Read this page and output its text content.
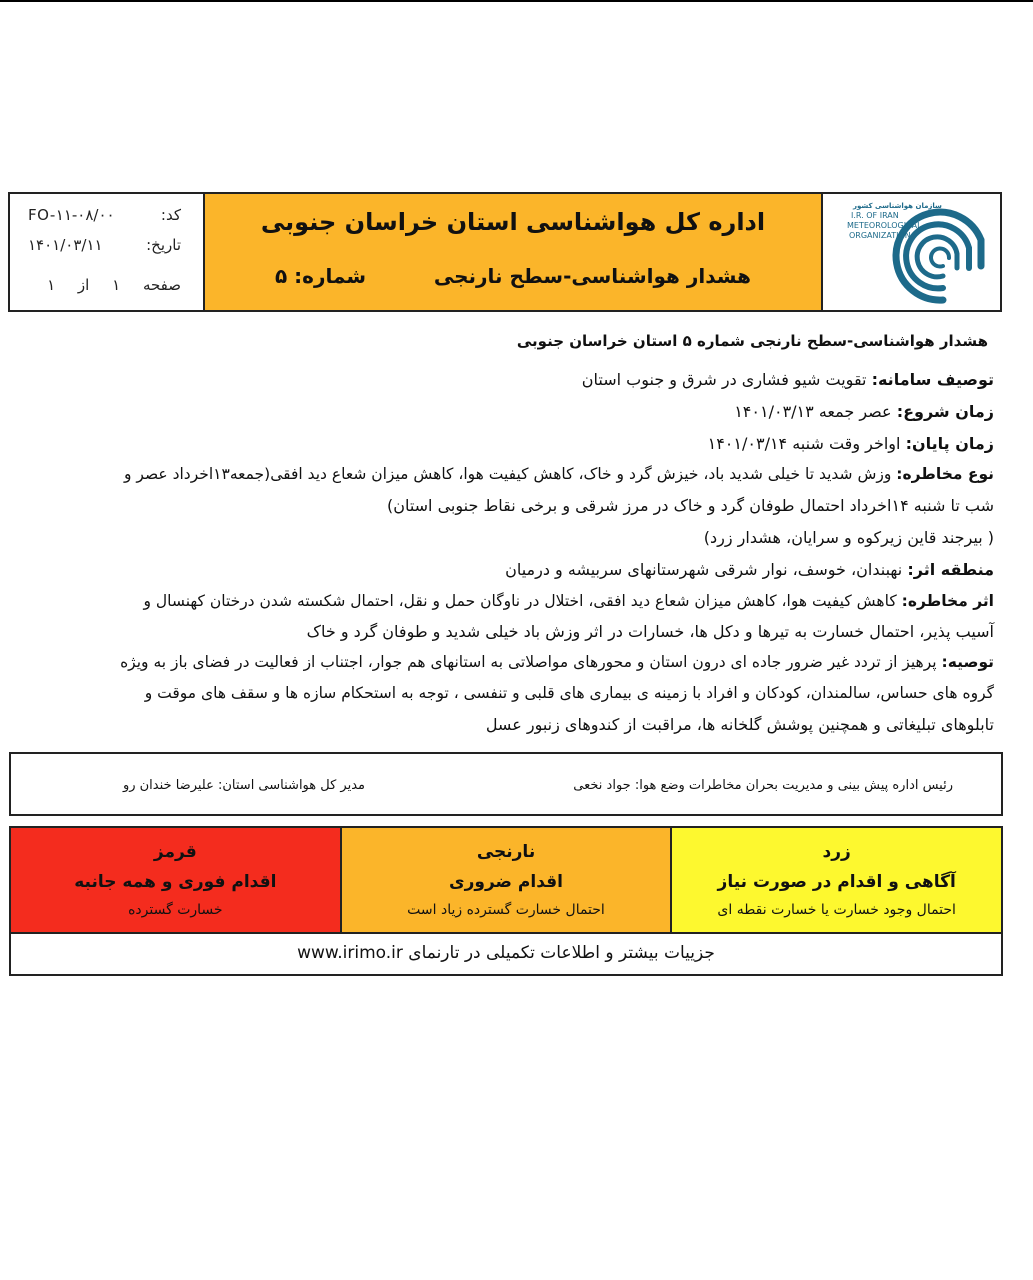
کد:
FO-۱۱-۰۸/۰۰
تاریخ:
۱۴۰۱/۰۳/۱۱
صفحه ۱ از ۱
اداره کل هواشناسی استان خراسان جنوبی
هشدار هواشناسی-سطح نارنجی
شماره: ۵
سازمان هواشناسی کشور
I.R. OF IRAN
METEOROLOGICAL
ORGANIZATION
هشدار هواشناسی-سطح نارنجی شماره ۵ استان خراسان جنوبی
توصیف سامانه: تقویت شیو فشاری در شرق و جنوب استان
زمان شروع: عصر جمعه ۱۴۰۱/۰۳/۱۳
زمان پایان: اواخر وقت شنبه ۱۴۰۱/۰۳/۱۴
نوع مخاطره: وزش شدید تا خیلی شدید باد، خیزش گرد و خاک، کاهش کیفیت هوا، کاهش میزان شعاع دید افقی(جمعه۱۳اخرداد عصر و
شب تا شنبه ۱۴اخرداد احتمال طوفان گرد و خاک در مرز شرقی و برخی نقاط جنوبی استان)
( بیرجند قاین زیرکوه و سرایان، هشدار زرد)
منطقه اثر: نهبندان، خوسف، نوار شرقی شهرستانهای سربیشه و درمیان
اثر مخاطره: کاهش کیفیت هوا، کاهش میزان شعاع دید افقی، اختلال در ناوگان حمل و نقل، احتمال شکسته شدن درختان کهنسال و
آسیب پذیر، احتمال خسارت به تیرها و دکل ها، خسارات در اثر وزش باد خیلی شدید و طوفان گرد و خاک
توصیه: پرهیز از تردد غیر ضرور جاده ای درون استان و محورهای مواصلاتی به استانهای هم جوار، اجتناب از فعالیت در فضای باز به ویژه
گروه های حساس، سالمندان، کودکان و افراد با زمینه ی بیماری های قلبی و تنفسی ، توجه به استحکام سازه ها و سقف های موقت و
تابلوهای تبلیغاتی و همچنین پوشش گلخانه ها، مراقبت از کندوهای زنبور عسل
رئیس اداره پیش بینی و مدیریت بحران مخاطرات وضع هوا: جواد نخعی
مدیر کل هواشناسی استان: علیرضا خندان رو
قرمز
اقدام فوری و همه جانبه
خسارت گسترده
نارنجی
اقدام ضروری
احتمال خسارت گسترده زیاد است
زرد
آگاهی و اقدام در صورت نیاز
احتمال وجود خسارت یا خسارت نقطه ای
جزییات بیشتر و اطلاعات تکمیلی در تارنمای www.irimo.ir
